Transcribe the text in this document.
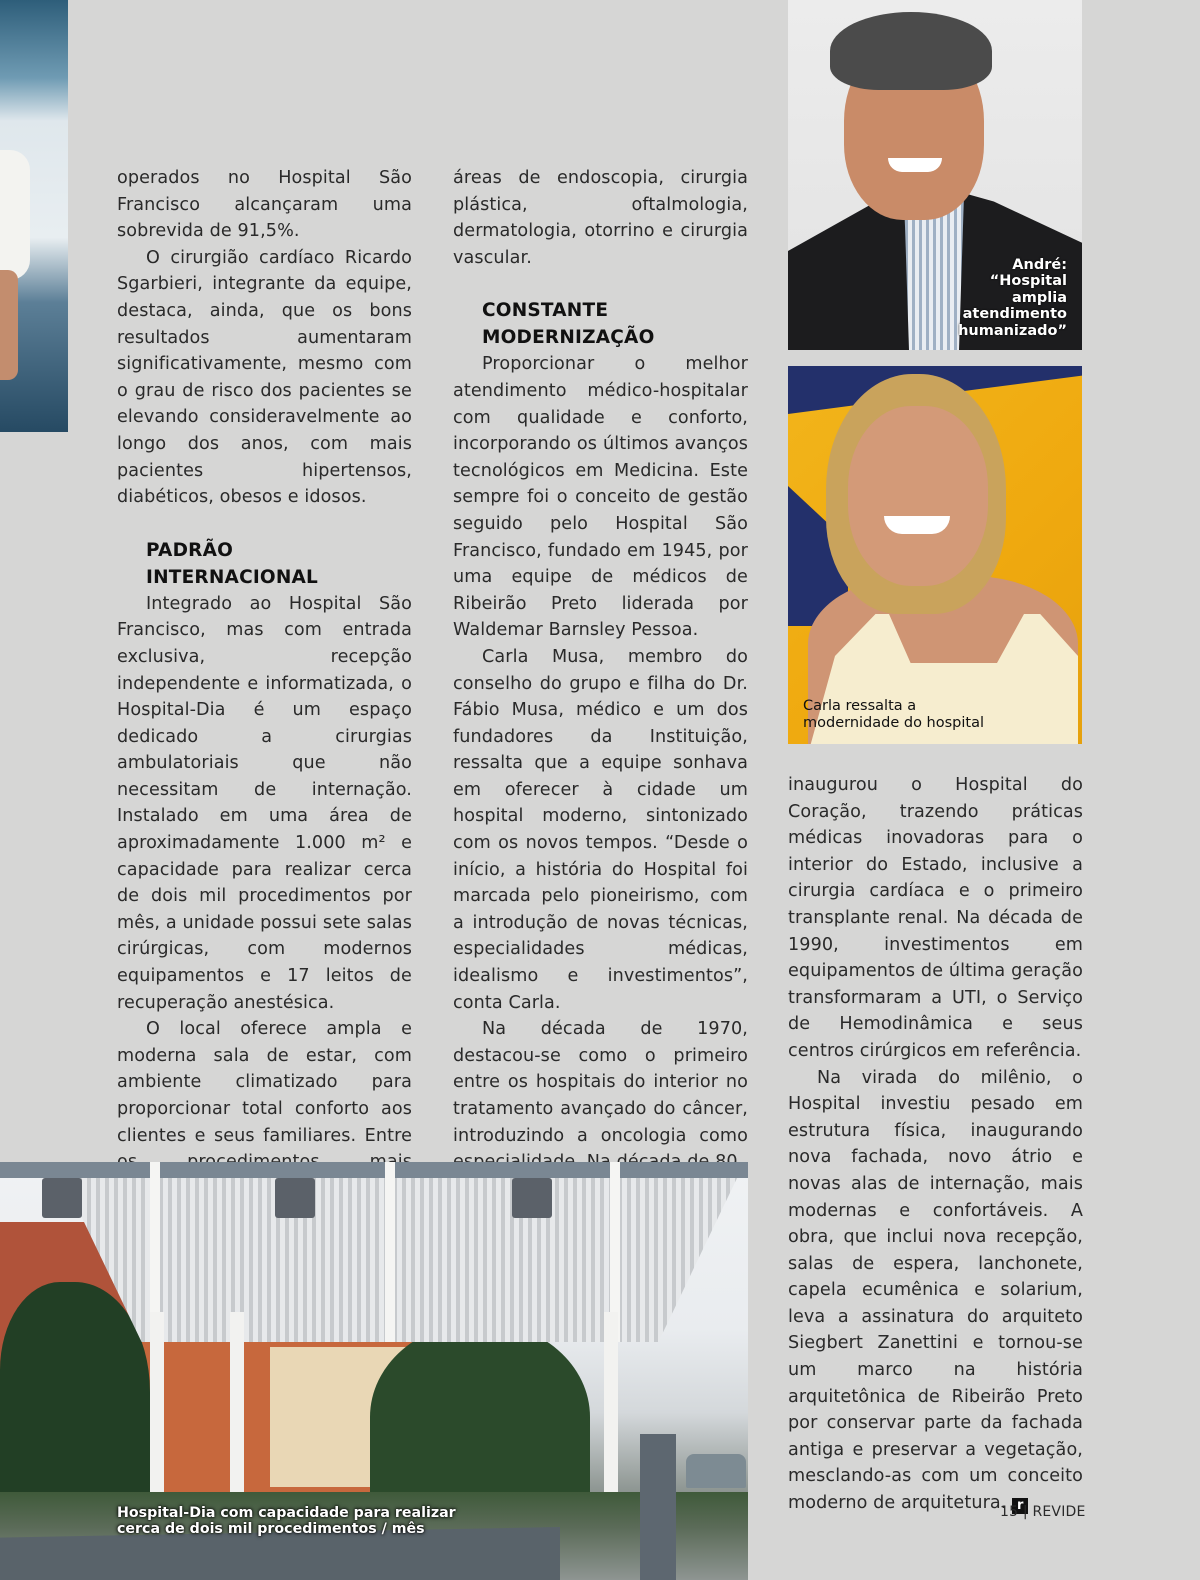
operados no Hospital São Francisco alcançaram uma sobrevida de 91,5%.

O cirurgião cardíaco Ricardo Sgarbieri, integrante da equipe, destaca, ainda, que os bons resultados aumentaram significativamente, mesmo com o grau de risco dos pacientes se elevando consideravelmente ao longo dos anos, com mais pacientes hipertensos, diabéticos, obesos e idosos.

PADRÃO
INTERNACIONAL

Integrado ao Hospital São Francisco, mas com entrada exclusiva, recepção independente e informatizada, o Hospital-Dia é um espaço dedicado a cirurgias ambulatoriais que não necessitam de internação. Instalado em uma área de aproximadamente 1.000 m² e capacidade para realizar cerca de dois mil procedimentos por mês, a unidade possui sete salas cirúrgicas, com modernos equipamentos e 17 leitos de recuperação anestésica.

O local oferece ampla e moderna sala de estar, com ambiente climatizado para proporcionar total conforto aos clientes e seus familiares. Entre

áreas de endoscopia, cirurgia plástica, oftalmologia, dermatologia, otorrino e cirurgia vascular.

CONSTANTE
MODERNIZAÇÃO

Proporcionar o melhor atendimento médico-hospitalar com qualidade e conforto, incorporando os últimos avanços tecnológicos em Medicina. Este sempre foi o conceito de gestão seguido pelo Hospital São Francisco, fundado em 1945, por uma equipe de médicos de Ribeirão Preto liderada por Waldemar Barnsley Pessoa.

Carla Musa, membro do conselho do grupo e filha do Dr. Fábio Musa, médico e um dos fundadores da Instituição, ressalta que a equipe sonhava em oferecer à cidade um hospital moderno, sintonizado com os novos tempos. “Desde o início, a história do Hospital foi marcada pelo pioneirismo, com a introdução de novas técnicas, especialidades médicas, idealismo e investimentos”, conta Carla.

Na década de 1970, destacou-se como o primeiro entre os hospitais do interior no tratamento avançado do câncer, introduzindo a oncologia como

André:
“Hospital
amplia
atendimento
humanizado”
Carla ressalta a
modernidade do hospital

inaugurou o Hospital do Coração, trazendo práticas médicas inovadoras para o interior do Estado, inclusive a cirurgia cardíaca e o primeiro transplante renal. Na década de 1990, investimentos em equipamentos de última geração transformaram a UTI, o Serviço de Hemodinâmica e seus centros cirúrgicos em referência.

Na virada do milênio, o Hospital investiu pesado em estrutura física, inaugurando nova fachada, novo átrio e novas alas de internação, mais modernas e confortáveis. A obra, que inclui nova recepção, salas de espera, lanchonete, capela ecumênica e solarium, leva a assinatura do arquiteto Siegbert Zanettini e tornou-se um marco na história arquitetônica de Ribeirão Preto por conservar parte da fachada antiga e preservar a vegetação, mesclando-as com um conceito moderno de arquitetura. r

Hospital-Dia com capacidade para realizar
cerca de dois mil procedimentos / mês
15 | REVIDE
